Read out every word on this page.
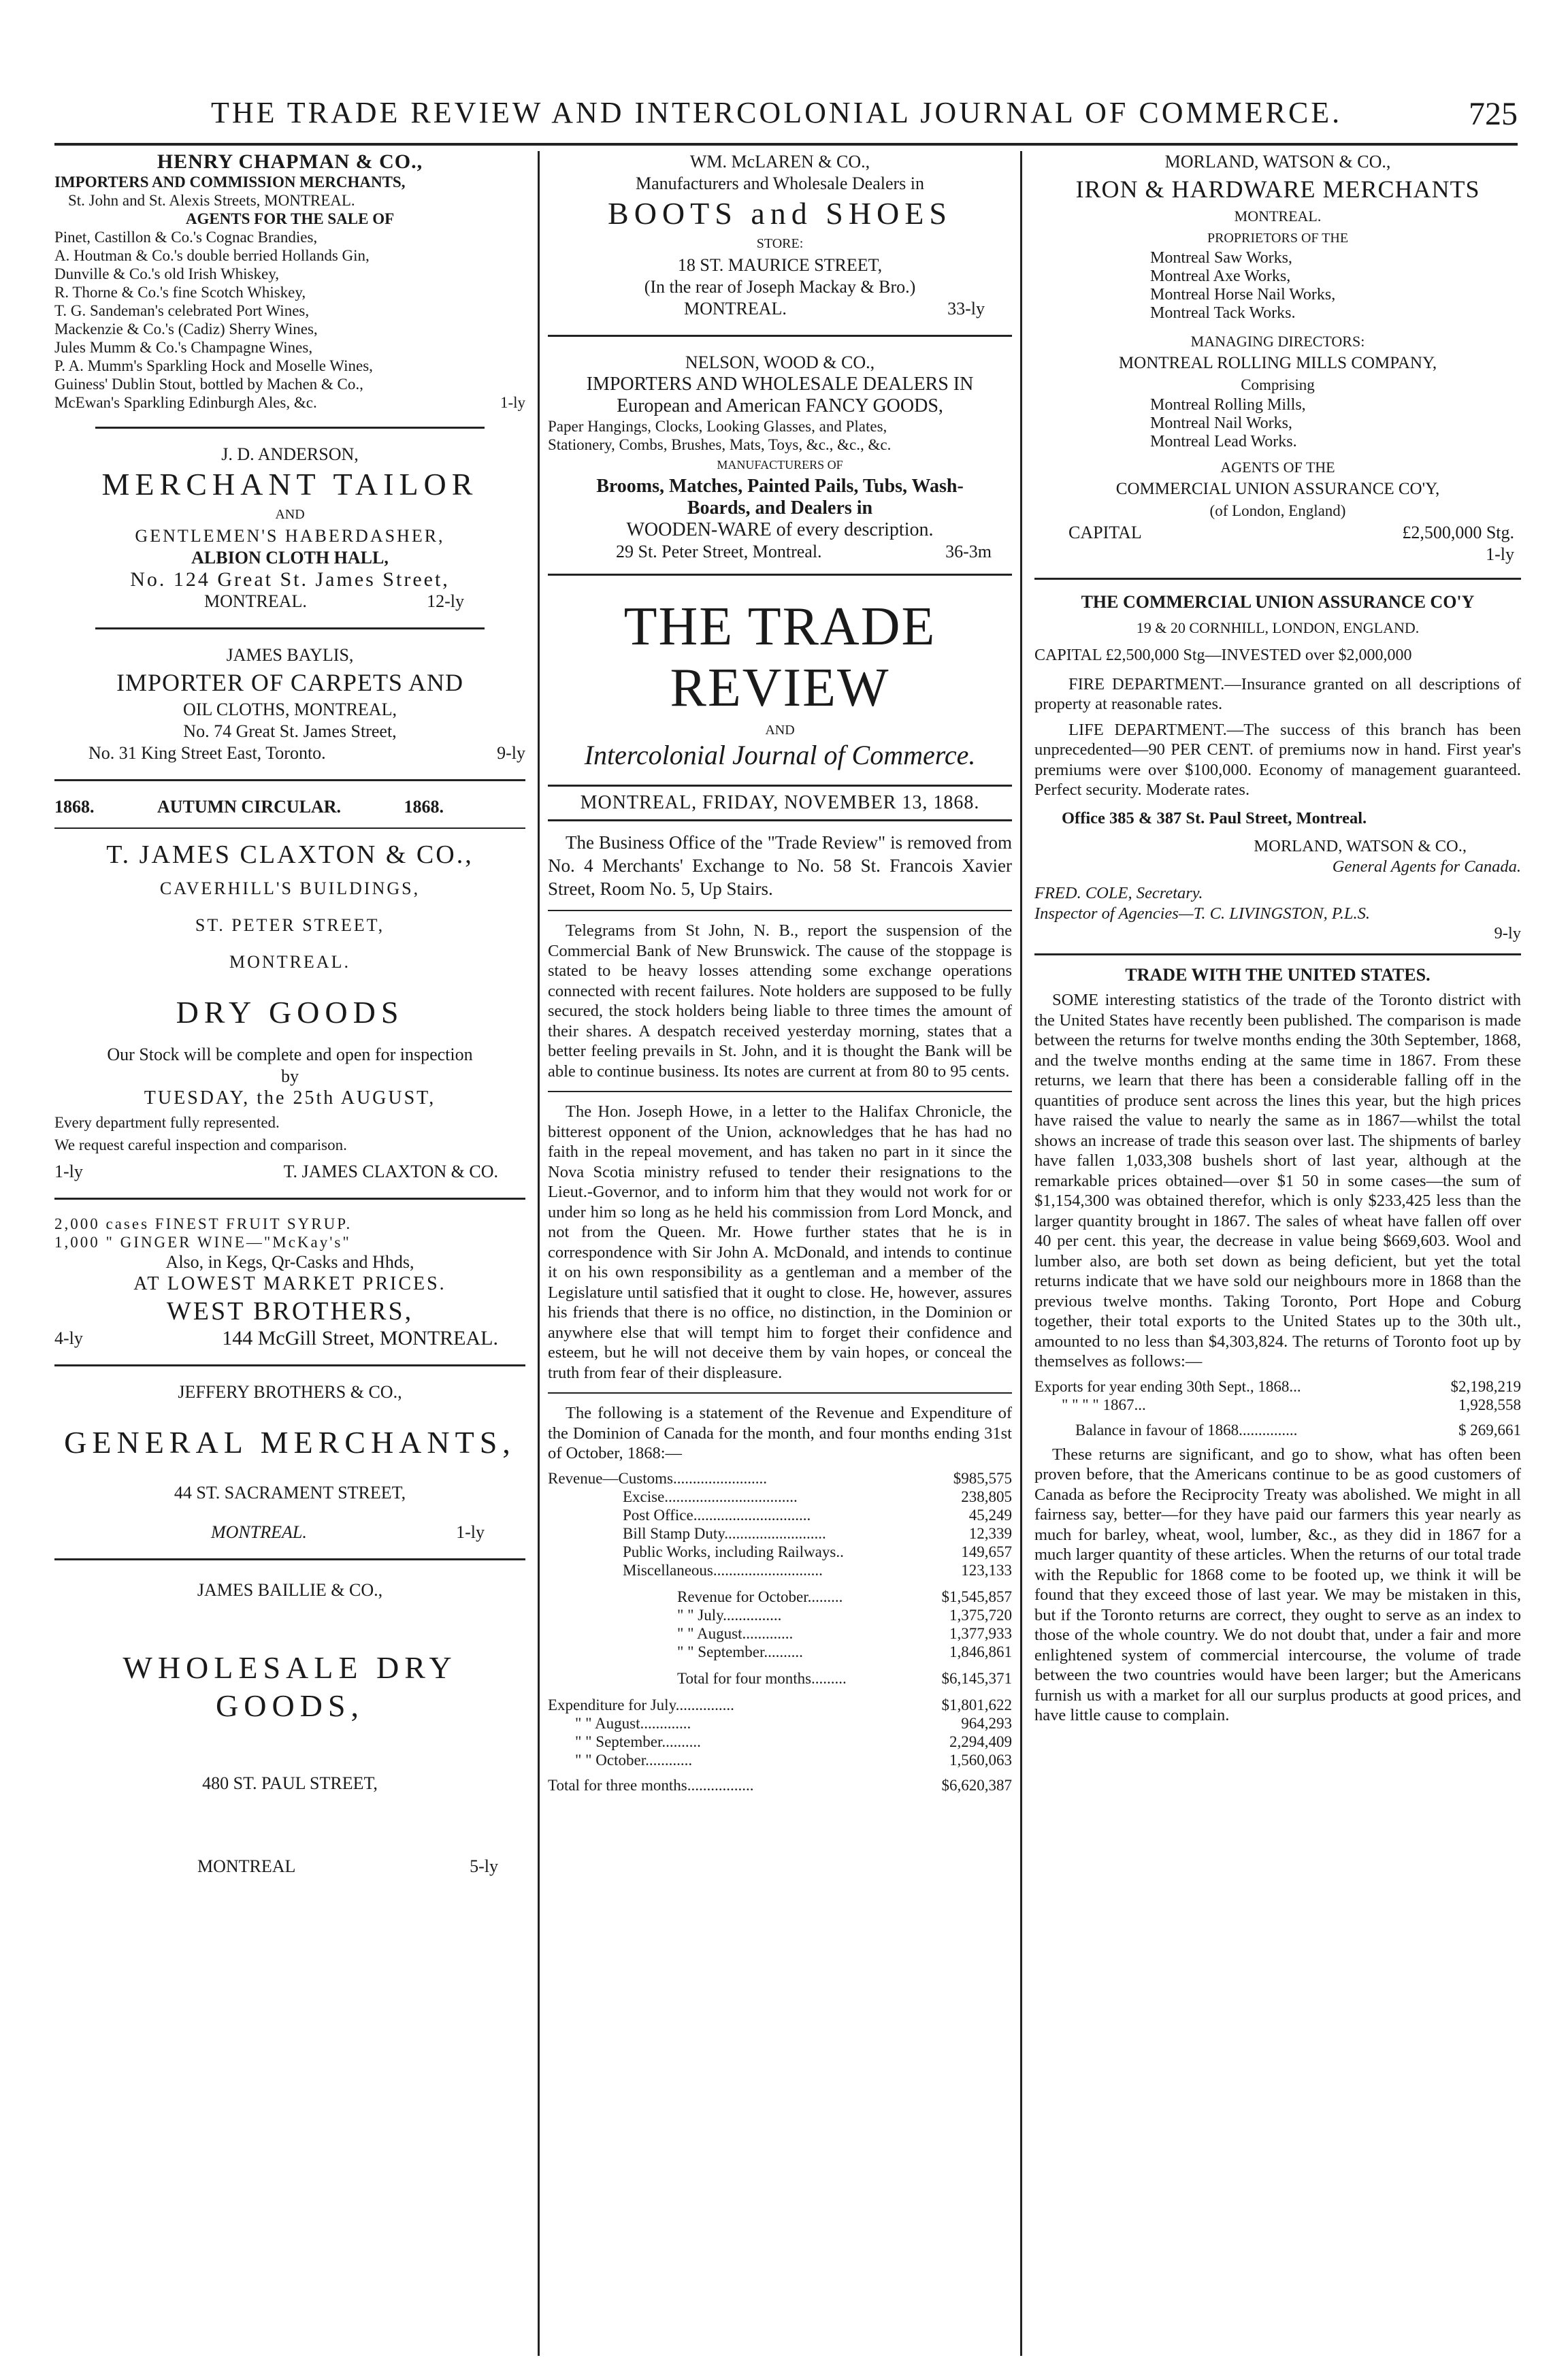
THE TRADE REVIEW AND INTERCOLONIAL JOURNAL OF COMMERCE.	725
HENRY CHAPMAN & CO.,
IMPORTERS AND COMMISSION MERCHANTS,
St. John and St. Alexis Streets, MONTREAL.
AGENTS FOR THE SALE OF
Pinet, Castillon & Co.'s Cognac Brandies,
A. Houtman & Co.'s double berried Hollands Gin,
Dunville & Co.'s old Irish Whiskey,
R. Thorne & Co.'s fine Scotch Whiskey,
T. G. Sandeman's celebrated Port Wines,
Mackenzie & Co.'s (Cadiz) Sherry Wines,
Jules Mumm & Co.'s Champagne Wines,
P. A. Mumm's Sparkling Hock and Moselle Wines,
Guiness' Dublin Stout, bottled by Machen & Co.,
McEwan's Sparkling Edinburgh Ales, &c.	1-ly
J. D. ANDERSON,
MERCHANT TAILOR
AND
GENTLEMEN'S HABERDASHER,
ALBION CLOTH HALL,
No. 124 Great St. James Street,
MONTREAL.	12-ly
JAMES BAYLIS,
IMPORTER OF CARPETS AND
OIL CLOTHS, MONTREAL,
No. 74 Great St. James Street,
No. 31 King Street East, Toronto.	9-ly
1868.	AUTUMN CIRCULAR.	1868.
T. JAMES CLAXTON & CO.,
CAVERHILL'S BUILDINGS,
ST. PETER STREET,
MONTREAL.
DRY GOODS
Our Stock will be complete and open for inspection
by
TUESDAY, the 25th AUGUST,
Every department fully represented.
We request careful inspection and comparison.
1-ly	T. JAMES CLAXTON & CO.
2,000 cases FINEST FRUIT SYRUP.
1,000 " GINGER WINE—"McKay's"
Also, in Kegs, Qr-Casks and Hhds,
AT LOWEST MARKET PRICES.
WEST BROTHERS,
4-ly	144 McGill Street, MONTREAL.
JEFFERY BROTHERS & CO.,
GENERAL MERCHANTS,
44 ST. SACRAMENT STREET,
MONTREAL.	1-ly
JAMES BAILLIE & CO.,
WHOLESALE DRY GOODS,
480 ST. PAUL STREET,
MONTREAL	5-ly
WM. McLAREN & CO.,
Manufacturers and Wholesale Dealers in
BOOTS and SHOES
STORE:
18 ST. MAURICE STREET,
(In the rear of Joseph Mackay & Bro.)
MONTREAL.	33-ly
NELSON, WOOD & CO.,
IMPORTERS AND WHOLESALE DEALERS IN
European and American FANCY GOODS,
Paper Hangings, Clocks, Looking Glasses, and Plates,
Stationery, Combs, Brushes, Mats, Toys, &c., &c., &c.
MANUFACTURERS OF
Brooms, Matches, Painted Pails, Tubs, Wash-
Boards, and Dealers in
WOODEN-WARE of every description.
29 St. Peter Street, Montreal.	36-3m
THE TRADE REVIEW
AND
Intercolonial Journal of Commerce.
MONTREAL, FRIDAY, NOVEMBER 13, 1868.

The Business Office of the "Trade Review" is removed from No. 4 Merchants' Exchange to No. 58 St. Francois Xavier Street, Room No. 5, Up Stairs.

Telegrams from St John, N. B., report the suspension of the Commercial Bank of New Brunswick. The cause of the stoppage is stated to be heavy losses attending some exchange operations connected with recent failures. Note holders are supposed to be fully secured, the stock holders being liable to three times the amount of their shares. A despatch received yesterday morning, states that a better feeling prevails in St. John, and it is thought the Bank will be able to continue business. Its notes are current at from 80 to 95 cents.

The Hon. Joseph Howe, in a letter to the Halifax Chronicle, the bitterest opponent of the Union, acknowledges that he has had no faith in the repeal movement, and has taken no part in it since the Nova Scotia ministry refused to tender their resignations to the Lieut.-Governor, and to inform him that they would not work for or under him so long as he held his commission from Lord Monck, and not from the Queen. Mr. Howe further states that he is in correspondence with Sir John A. McDonald, and intends to continue it on his own responsibility as a gentleman and a member of the Legislature until satisfied that it ought to close. He, however, assures his friends that there is no office, no distinction, in the Dominion or anywhere else that will tempt him to forget their confidence and esteem, but he will not deceive them by vain hopes, or conceal the truth from fear of their displeasure.

The following is a statement of the Revenue and Expenditure of the Dominion of Canada for the month, and four months ending 31st of October, 1868:—

Revenue—Customs........................	$985,575
Excise..................................	238,805
Post Office..............................	45,249
Bill Stamp Duty..........................	12,339
Public Works, including Railways..	149,657
Miscellaneous............................	123,133

Revenue for October.........	$1,545,857
" " July...............	1,375,720
" " August.............	1,377,933
" " September..........	1,846,861

Total for four months.........	$6,145,371

Expenditure for July...............	$1,801,622
" " August.............	964,293
" " September..........	2,294,409
" " October............	1,560,063

Total for three months.................	$6,620,387
MORLAND, WATSON & CO.,
IRON & HARDWARE MERCHANTS
MONTREAL.
PROPRIETORS OF THE
Montreal Saw Works,
Montreal Axe Works,
Montreal Horse Nail Works,
Montreal Tack Works.
MANAGING DIRECTORS:
MONTREAL ROLLING MILLS COMPANY,
Comprising
Montreal Rolling Mills,
Montreal Nail Works,
Montreal Lead Works.
AGENTS OF THE
COMMERCIAL UNION ASSURANCE CO'Y,
(of London, England)
CAPITAL	£2,500,000 Stg.
1-ly
THE COMMERCIAL UNION ASSURANCE CO'Y
19 & 20 CORNHILL, LONDON, ENGLAND.
CAPITAL £2,500,000 Stg—INVESTED over $2,000,000

FIRE DEPARTMENT.—Insurance granted on all descriptions of property at reasonable rates.

LIFE DEPARTMENT.—The success of this branch has been unprecedented—90 PER CENT. of premiums now in hand. First year's premiums were over $100,000. Economy of management guaranteed. Perfect security. Moderate rates.

Office 385 & 387 St. Paul Street, Montreal.
MORLAND, WATSON & CO.,
General Agents for Canada.
FRED. COLE, Secretary.
Inspector of Agencies—T. C. LIVINGSTON, P.L.S.
9-ly
TRADE WITH THE UNITED STATES.

SOME interesting statistics of the trade of the Toronto district with the United States have recently been published. The comparison is made between the returns for twelve months ending the 30th September, 1868, and the twelve months ending at the same time in 1867. From these returns, we learn that there has been a considerable falling off in the quantities of produce sent across the lines this year, but the high prices have raised the value to nearly the same as in 1867—whilst the total shows an increase of trade this season over last. The shipments of barley have fallen 1,033,308 bushels short of last year, although at the remarkable prices obtained—over $1 50 in some cases—the sum of $1,154,300 was obtained therefor, which is only $233,425 less than the larger quantity brought in 1867. The sales of wheat have fallen off over 40 per cent. this year, the decrease in value being $669,603. Wool and lumber also, are both set down as being deficient, but yet the total returns indicate that we have sold our neighbours more in 1868 than the previous twelve months. Taking Toronto, Port Hope and Coburg together, their total exports to the United States up to the 30th ult., amounted to no less than $4,303,824. The returns of Toronto foot up by themselves as follows:—

Exports for year ending 30th Sept., 1868...	$2,198,219
" " " " 1867...	1,928,558

Balance in favour of 1868...............	$ 269,661

These returns are significant, and go to show, what has often been proven before, that the Americans continue to be as good customers of Canada as before the Reciprocity Treaty was abolished. We might in all fairness say, better—for they have paid our farmers this year nearly as much for barley, wheat, wool, lumber, &c., as they did in 1867 for a much larger quantity of these articles. When the returns of our total trade with the Republic for 1868 come to be footed up, we think it will be found that they exceed those of last year. We may be mistaken in this, but if the Toronto returns are correct, they ought to serve as an index to those of the whole country. We do not doubt that, under a fair and more enlightened system of commercial intercourse, the volume of trade between the two countries would have been larger; but the Americans furnish us with a market for all our surplus products at good prices, and have little cause to complain.
